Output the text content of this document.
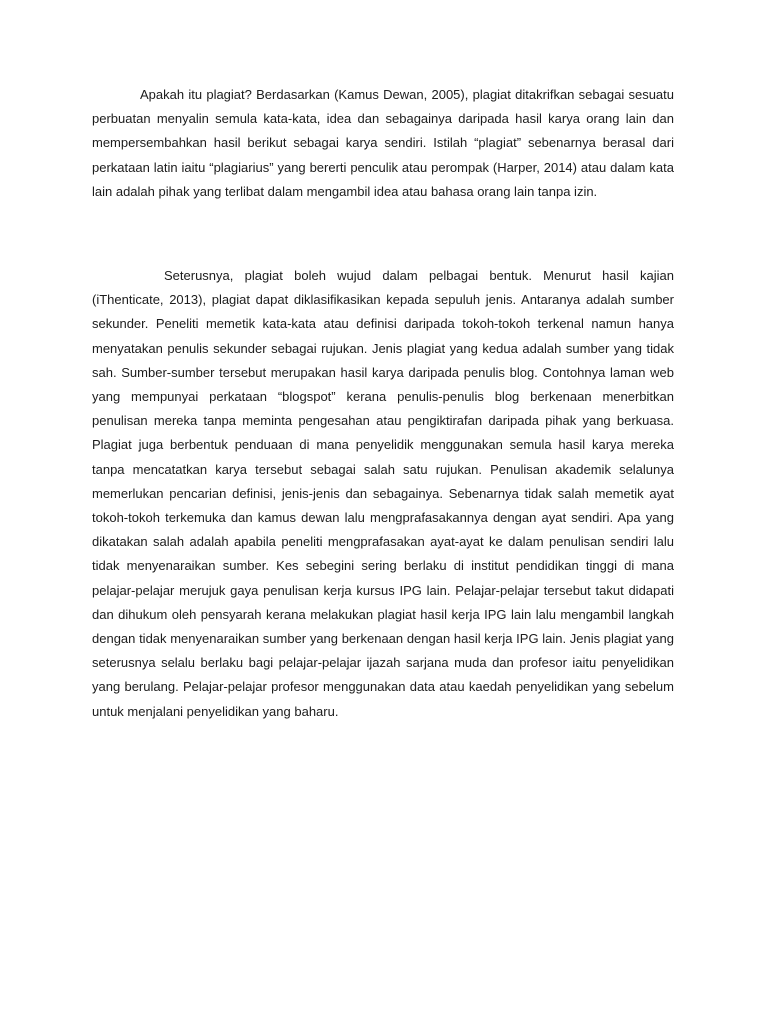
Apakah itu plagiat? Berdasarkan (Kamus Dewan, 2005), plagiat ditakrifkan sebagai sesuatu perbuatan menyalin semula kata-kata, idea dan sebagainya daripada hasil karya orang lain dan mempersembahkan hasil berikut sebagai karya sendiri. Istilah “plagiat” sebenarnya berasal dari perkataan latin iaitu “plagiarius” yang bererti penculik atau perompak (Harper, 2014) atau dalam kata lain adalah pihak yang terlibat dalam mengambil idea atau bahasa orang lain tanpa izin.

Seterusnya, plagiat boleh wujud dalam pelbagai bentuk. Menurut hasil kajian (iThenticate, 2013), plagiat dapat diklasifikasikan kepada sepuluh jenis. Antaranya adalah sumber sekunder. Peneliti memetik kata-kata atau definisi daripada tokoh-tokoh terkenal namun hanya menyatakan penulis sekunder sebagai rujukan. Jenis plagiat yang kedua adalah sumber yang tidak sah. Sumber-sumber tersebut merupakan hasil karya daripada penulis blog. Contohnya laman web yang mempunyai perkataan “blogspot” kerana penulis-penulis blog berkenaan menerbitkan penulisan mereka tanpa meminta pengesahan atau pengiktirafan daripada pihak yang berkuasa. Plagiat juga berbentuk penduaan di mana penyelidik menggunakan semula hasil karya mereka tanpa mencatatkan karya tersebut sebagai salah satu rujukan. Penulisan akademik selalunya memerlukan pencarian definisi, jenis-jenis dan sebagainya. Sebenarnya tidak salah memetik ayat tokoh-tokoh terkemuka dan kamus dewan lalu mengprafasakannya dengan ayat sendiri. Apa yang dikatakan salah adalah apabila peneliti mengprafasakan ayat-ayat ke dalam penulisan sendiri lalu tidak menyenaraikan sumber. Kes sebegini sering berlaku di institut pendidikan tinggi di mana pelajar-pelajar merujuk gaya penulisan kerja kursus IPG lain. Pelajar-pelajar tersebut takut didapati dan dihukum oleh pensyarah kerana melakukan plagiat hasil kerja IPG lain lalu mengambil langkah dengan tidak menyenaraikan sumber yang berkenaan dengan hasil kerja IPG lain. Jenis plagiat yang seterusnya selalu berlaku bagi pelajar-pelajar ijazah sarjana muda dan profesor iaitu penyelidikan yang berulang. Pelajar-pelajar profesor menggunakan data atau kaedah penyelidikan yang sebelum untuk menjalani penyelidikan yang baharu.
